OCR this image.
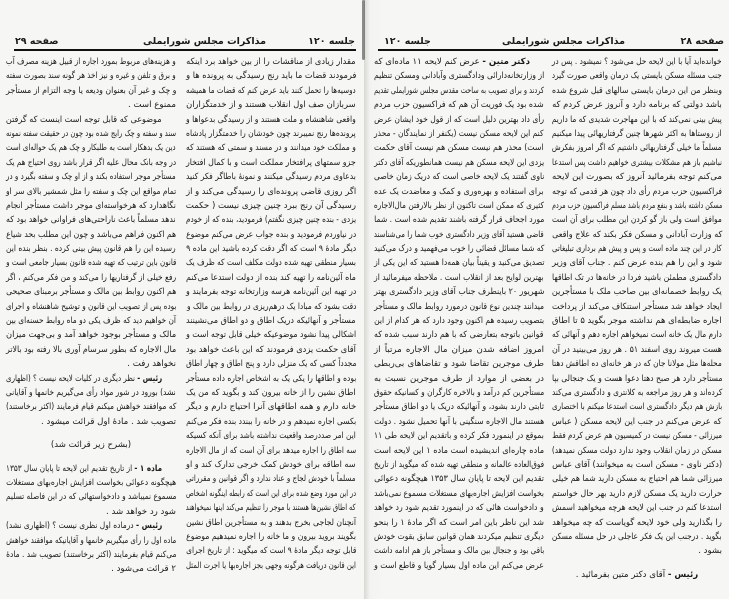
صفحه ۲۹	مذاکرات مجلس شورایملی	جلسه ۱۲۰
مقدار زیادی از مناقشات را از بین خواهد برد اینکه
فرمودند قضات ما باید رنج رسیدگی به پرونده ها و
دوسیه‌ها را تحمل کنند باید عرض کنم که قضات ما همیشه
سربازان صف اول انقلاب هستند و از خدمتگزاران
واقعی شاهنشاه و ملت هستند و از رسیدگی بدعواها و
پرونده‌ها رنج نمیبرند چون خودشان را خدمتگزار پادشاه
و مملکت خود میدانند و در مسند و سمتی که هستند که
جزو سمتهای پرافتخار مملکت است و با کمال افتخار
بدعاوی مردم رسیدگی میکنند و نمونهٔ باطاگر فکر کنید
اگر روزی قاضی پرونده‌ای را رسیدگی می‌کند و از
رسیدگی آن رنج ببرد چنین چیزی نیست ( حکمت
یزدی - بنده چنین چیزی نگفتم) فرمودید، بنده که از خودم
در نیاوردم فرمودید و بنده جواب عرض می‌کنم موضوع
دیگر مادهٔ ۹ است که اگر دقت کرده باشید این ماده ۹
بسیار منطقی تهیه شده دولت مکلف است که ظرف یک
ماه آئین‌نامه را تهیه کند بنده از دولت استدعا می‌کنم
در تهیه این آئین‌نامه هرسه وزارتخانه توجه بفرمایند و
دقت بشود که مبادا یک درهم‌ریزی در روابط بین مالک و
مستأجر و آنهائیکه دریک اطاق و دو اطاق می‌نشینند
اشکالی پیدا نشود موضوعیکه خیلی قابل توجه است و
آقای حکمت یزدی فرمودند که این باعث خواهد بود
مجدداً کسی که یک منزلی دارد و پنج اطاق و چهار اطاق
بوده و اطاقها را یکی یک به اشخاص اجاره داده مستأجر
اطاق نشین را از خانه بیرون کند و بگوید که من یک
خانه دارم و همه اطاقهای آنرا احتیاج دارم و دیگر
بکسی اجاره نمیدهم و در خانه را ببندد بنده فکر می‌کنم
این امر صددرصد واقعیت نداشته باشد برای آنکه کسیکه
سه اطاق را اجاره میدهد برای آن است که از مال الاجاره
سه اطاقه برای خودش کمک خرجی تدارک کند و او
مسلماً با خودش لجاج و عناد ندارد و اگر قوانین و مقرراتی
در این مورد وضع شده برای این است که رابطه اینگونه اشخاص
که اطاق نشین‌ها هستند با موجر را تنظیم می‌کند اینها نمیخواهند
آنچنان لجاجی بخرج بدهند و به مستأجرین اطاق نشین
بگویند بروید بیرون و ما خانه را اجاره نمیدهیم موضوع
قابل توجه دیگر مادهٔ ۹ است که میگوید : از تاریخ اجرای
این قانون دریافت هرگونه وجهی بجز اجاره‌بها یا اجرت المثل
و هزینه‌های مربوط بمورد اجاره از قبیل هزینه مصرف آب
و برق و تلفن و غیره و نیز اخذ هر گونه سند بصورت سفته
و چک و غیر آن بعنوان ودیعه یا وجه التزام از مستأجر
ممنوع است .
موضوعی که قابل توجه است اینست که گرفتن
سند و سفته و چک رایج شده بود چون در حقیقت سفته نمونه
دین یک بدهکار است به طلبکار و چک هم یک حواله‌ای است
در وجه بانک محال علیه اگر قرار باشد روی احتیاج هم یک
مستأجر موجر استفاده بکند و از او چک و سفته بگیرد و در
تمام مواقع این چک و سفته را مثل شمشیر بالای سر او
نگاهدارد که هرخواسته‌ای موجر داشت مستأجر انجام
ندهد مسلماً باعث ناراحتی‌های فراوانی خواهد بود که
هم اکنون فراهم می‌باشد و چون این مطلب بحد شیاع
رسیده این را هم قانون پیش بینی کرده . بنظر بنده این
قانون باین ترتیب که تهیه شده قانون بسیار جامعی است و
رفع خیلی از گرفتاریها را می‌کند و من فکر می‌کنم ، اگر
هم اکنون روابط بین مالک و مستأجر برمبنای صحیحی
بوده پس از تصویب این قانون و توشیح شاهنشاه و اجرای
آن خواهیم دید که ظرف یکی دو ماه روابط حسنه‌ای بین
مالک و مستأجر بوجود خواهد آمد و بی‌جهت میزان
مال الاجاره که بطور سرسام آوری بالا رفته بود بالاتر
نخواهد رفت .
رئیس - نظر دیگری در کلیات لایحه نیست ؟ (اظهاری
نشد) بورود در شور مواد رأی می‌گیریم خانمها و آقایانی
که موافقند خواهش میکنم قیام فرمایند (اکثر برخاستند)
تصویب شد . مادهٔ اول قرائت میشود .
(بشرح زیر قرائت شد)
ماده ۱ - از تاریخ تقدیم این لایحه تا پایان سال ۱۳۵۳
هیچگونه دعوائی بخواست افزایش اجاره‌بهای مستغلات
مسموع نمیباشد و دادخواستهائی که در این فاصله تسلیم
شود رد خواهد شد .
رئیس - درماده اول نظری نیست ؟ (اظهاری نشد)
ماده اول را رأی میگیریم خانمها و آقایانیکه موافقند خواهش
می‌کنم قیام بفرمایند (اکثر برخاستند) تصویب شد . مادهٔ
۲ قرائت می‌شود .
جلسه ۱۲۰	مذاکرات مجلس شورایملی	صفحه ۲۸
خوانده‌اید آیا با این لایحه حل می‌شود ؟ نمیشود . پس در
جنب مسئله مسکن بایستی یک درمان واقعی صورت گیرد
وبنظر من این درمان بایستی سالهای قبل شروع شده
باشد دولتی که برنامه دارد و آنروز عرض کردم که
پیش بینی نمی‌کند که با این مهاجرت شدیدی که ما داریم
از روستاها به اکثر شهرها چنین گرفتاریهائی پیدا میکنیم
مسلماً ما خیلی گرفتاریهائی داشتیم که اگر امروز بفکرش
نباشیم باز هم مشکلات بیشتری خواهیم داشت پس استدعا
می‌کنم توجه بفرمائید آنروز که بصورت این لایحه
فراکسیون حزب مردم رأی داد چون هر قدمی که توجه
مسکن داشته باشد و بنفع مردم باشد مسلم فراکسیون حزب مردم
موافق است ولی باز گو کردن این مطلب برای آن است
که وزارت آبادانی و مسکن فکر بکند که علاج واقعی
کار در این چند ماده است و پس و پیش هم برداری تبلیغاتی
شود و این را هم بنده عرض کنم . جناب آقای وزیر
دادگستری مطمئن باشید فردا در خانه‌ها در تک اطاقها
یک روابط خصمانه‌ای بین صاحب ملک با مستأجرین
ایجاد خواهد شد مستأجر استنکاف می‌کند از پرداخت
اجاره ضابطه‌ای هم نداشته موجر بگوید ۵ تا اطاق
دارم مال یک خانه است نمیخواهم اجاره دهم و آنهائی که
هست میروند روی اسفند ۵۱ . هر روز می‌بینید در آن
محله‌ها مثل مولانا جان که در هر خانه‌ای ده اطاقش دهتا
مستأجر دارد هر صبح دهتا دعوا هست و یک جنجالی بپا
کرده‌اند و هر روز مراجعه به کلانتری و دادگستری می‌کند
بازش هم دیگر دادگستری است استدعا میکنم با اختصاری
که عرض می‌کنم در جنب این لایحه مسکن ( عباس
میرزائی - مسکن نیست در کمیسیون هم عرض کردم فقط
مسکن در زمان انقلاب وجود ندارد دولت مسکن نمیدهد)
(دکتر ناوی - مسکن است به میخوانند) آقای عباس
میرزائی شما هم احتیاج به مسکن دارید شما هم خیلی
حرارت دارید یک مسکن لازم دارید بهر حال خواستم
استدعا کنم در جنب این لایحه هرچه میخواهید اسمش
را بگذارید ولی خود لایحه گویاست که چه میخواهد
بگوید . درجنب این یک فکر عاجلی در حل مسئله مسکن
بشود .
رئیس - آقای دکتر متین بفرمائید .
دکتر متین - عرض کنم لایحه ۱۱ ماده‌ای که
از وزارتخانه‌دارائی ودادگستری وآبادانی ومسکن تنظیم
کردند و برای تصویب به ساحت مقدس مجلس شورایملی تقدیم
شده بود یک فوریت آن هم که فراکسیون حزب مردم
رأی داد بهترین دلیل است که از قول خود ایشان عرض
کنم این لایحه مسکن نیست (یکنفر از نمایندگان - محذر
است) محذر هم نیست مسکن هم نیست آقای حکمت
یزدی این لایحه مسکن هم نیست همانطوریکه آقای دکتر
ناوی گفتند یک لایحه خاصی است که دریک زمان خاصی
برای استفاده و بهره‌وری و کمک و معاضدت یک عده
کثیری که ممکن است تاکنون از نظر بالارفتن مال‌الاجاره
مورد اجحاف قرار گرفته باشند تقدیم شده است . شما
قاضی هستید آقای وزیر دادگستری خوب شما را می‌شناسند
که شما مسائل قضائی را خوب می‌فهمید و درک می‌کنید
تصدیق می‌کنید و یقیناً بیان همه‌دا هستید که این یکی از
بهترین لوایح بعد از انقلاب است . ملاحظه میفرمائید از
شهریور ۲۰ باینطرف جناب آقای وزیر دادگستری بهتر
میدانند چندین نوع قانون درمورد روابط مالک و مستأجر
بتصویب رسیده هم اکنون وجود دارد که هر کدام از این
قوانین باتوجه بتعارضی که با هم دارند سبب شده که
امروز اضافه شدن میزان مال الاجاره مرتباً از
طرف موجرین تقاضا شود و تقاضاهای بی‌ربطی
در بعضی از موارد از طرف موجرین نسبت به
مستأجرین کم درآمد و بالاخره کارگران و کسانیکه حقوق
ثابتی دارند بشود، و آنهائیکه دریک یا دو اطاق مستأجر
هستند مال الاجاره سنگینی با آنها تحمیل نشود . دولت
بموقع در اینمورد فکر کرده و باتقدیم این لایحه طی ۱۱
ماده چاره‌ای اندیشیده است ماده ۱ این لایحه است
فوق‌العاده عالمانه و منطقی تهیه شده که میگوید از تاریخ
تقدیم این لایحه تا پایان سال ۱۳۵۳ هیچگونه دعوائی
بخواست افزایش اجاره‌بهای مستغلات مسموع نمی‌باشد
و دادخواست هائی که در اینمورد تقدیم شود رد خواهد
شد این ناظر باین امر است که اگر مادهٔ ۱ را بنحو
دیگری تنظیم میکردند همان قوانین سابق بقوت خودش
باقی بود و جنجال بین مالک و مستأجر باز هم ادامه داشت
عرض می‌کنم این ماده اول بسیار گویا و قاطع است و
